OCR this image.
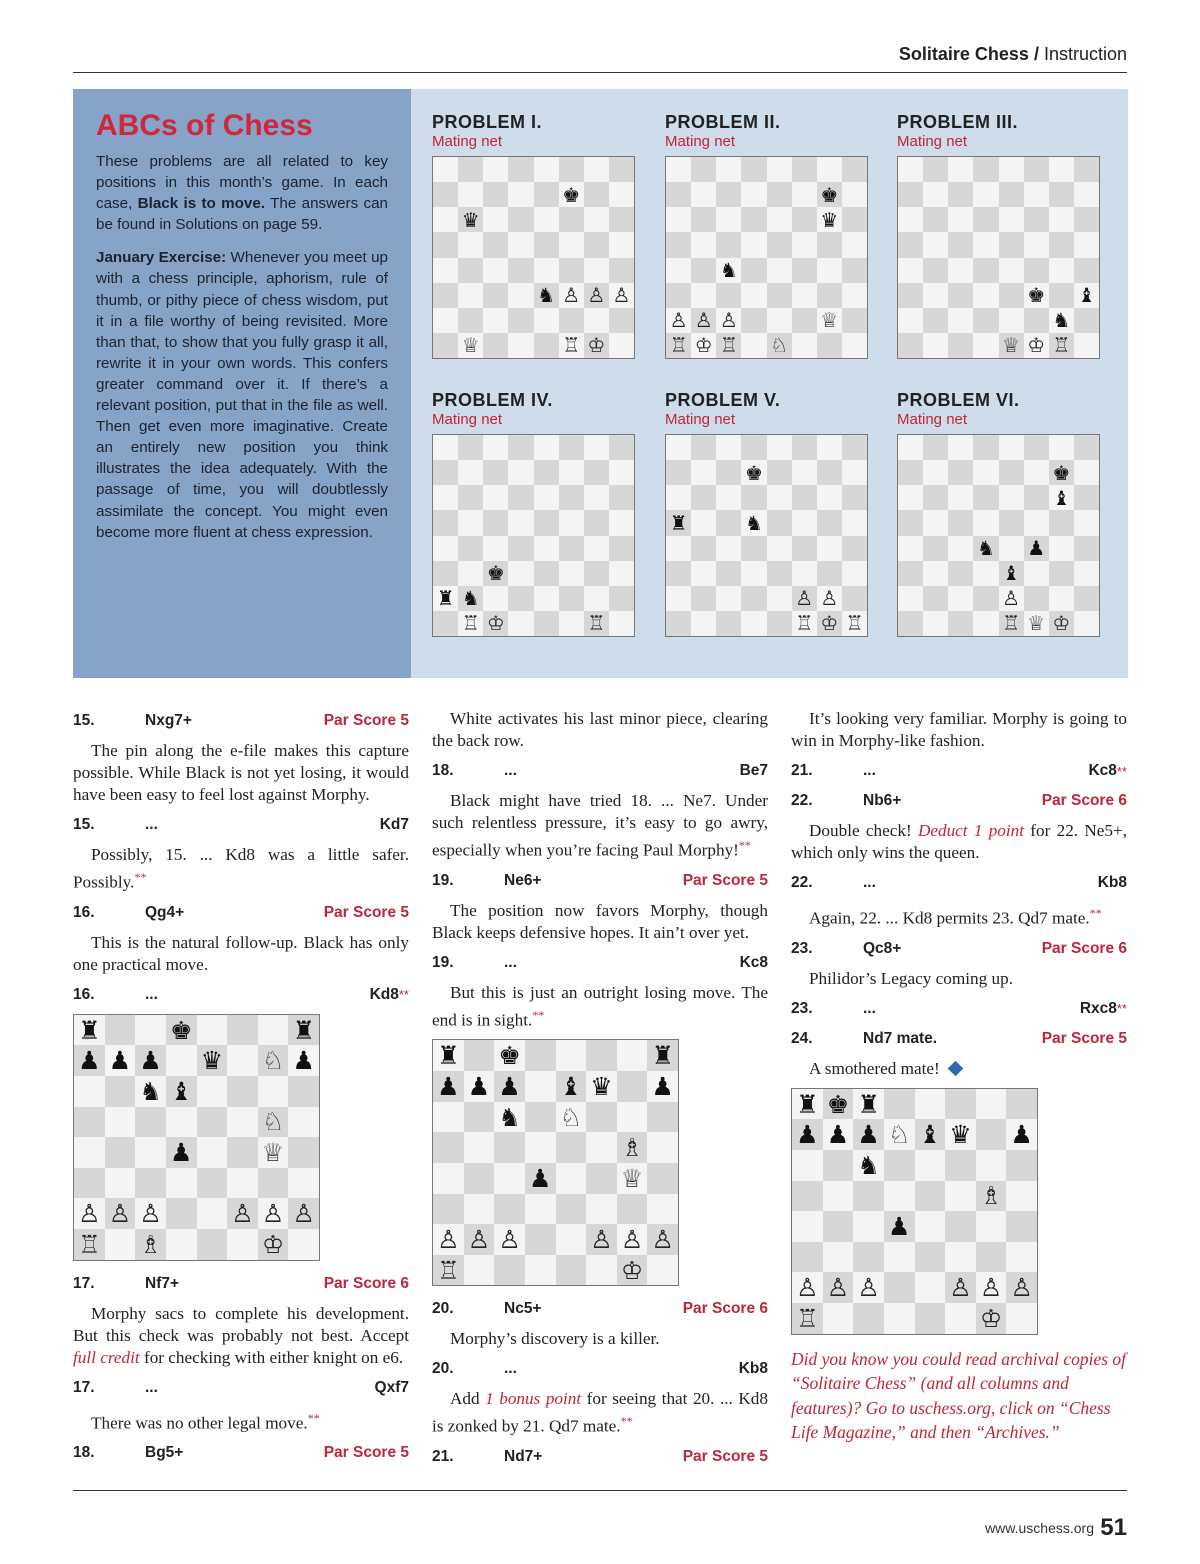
Solitaire Chess / Instruction
ABCs of Chess

These problems are all related to key positions in this month’s game. In each case, Black is to move. The answers can be found in Solutions on page 59.

January Exercise: Whenever you meet up with a chess principle, aphorism, rule of thumb, or pithy piece of chess wisdom, put it in a file worthy of being revisited. More than that, to show that you fully grasp it all, rewrite it in your own words. This confers greater command over it. If there’s a relevant position, put that in the file as well. Then get even more imaginative. Create an entirely new position you think illustrates the idea adequately. With the passage of time, you will doubtlessly assimilate the concept. You might even become more fluent at chess expression.

PROBLEM I.
Mating net
♚
♛
♞ ♙ ♙ ♙
♕	♖ ♔
PROBLEM II.
Mating net
♚
♛
♞
♙ ♙ ♙	♕
♖ ♔ ♖ ♘
PROBLEM III.
Mating net
♚ ♝
♞
♕ ♔ ♖
PROBLEM IV.
Mating net
♚
♜ ♞
♖ ♔	♖
PROBLEM V.
Mating net
♚
♜	♞
♙ ♙
♖ ♔ ♖
PROBLEM VI.
Mating net
♚
♝
♞ ♟
♝
♙
♖ ♕ ♔
15.	Nxg7+	Par Score 5

The pin along the e-file makes this capture possible. While Black is not yet losing, it would have been easy to feel lost against Morphy.

15.	...	Kd7

Possibly, 15. ... Kd8 was a little safer. Possibly.**

16.	Qg4+	Par Score 5

This is the natural follow-up. Black has only one practical move.

16.	...	Kd8 **
♜	♚	♜
♟ ♟ ♟ ♛ ♘ ♟
♞ ♝
♘
♟	♕
♙ ♙ ♙	♙ ♙ ♙
♖ ♗	♔
17.	Nf7+	Par Score 6

Morphy sacs to complete his development. But this check was probably not best. Accept full credit for checking with either knight on e6.

17.	...	Qxf7

There was no other legal move.**

18.	Bg5+	Par Score 5

White activates his last minor piece, clearing the back row.

18.	...	Be7

Black might have tried 18. ... Ne7. Under such relentless pressure, it’s easy to go awry, especially when you’re facing Paul Morphy!**

19.	Ne6+	Par Score 5

The position now favors Morphy, though Black keeps defensive hopes. It ain’t over yet.

19.	...	Kc8

But this is just an outright losing move. The end is in sight.**

♜ ♚	♜
♟ ♟ ♟ ♝ ♛ ♟
♞ ♘
♗
♟	♕
♙ ♙ ♙	♙ ♙ ♙
♖	♔
20.	Nc5+	Par Score 6

Morphy’s discovery is a killer.

20.	...	Kb8

Add 1 bonus point for seeing that 20. ... Kd8 is zonked by 21. Qd7 mate.**

21.	Nd7+	Par Score 5

It’s looking very familiar. Morphy is going to win in Morphy-like fashion.

21.	...	Kc8 **
22.	Nb6+	Par Score 6

Double check! Deduct 1 point for 22. Ne5+, which only wins the queen.

22.	...	Kb8

Again, 22. ... Kd8 permits 23. Qd7 mate.**

23.	Qc8+	Par Score 6

Philidor’s Legacy coming up.

23.	...	Rxc8 **
24.	Nd7 mate.	Par Score 5

A smothered mate!

♜ ♚ ♜
♟ ♟ ♟ ♘ ♝ ♛ ♟
♞
♗
♟
♙ ♙ ♙	♙ ♙ ♙
♖	♔
Did you know you could read archival copies of “Solitaire Chess” (and all columns and features)? Go to uschess.org, click on “Chess Life Magazine,” and then “Archives.”
www.uschess.org 51
